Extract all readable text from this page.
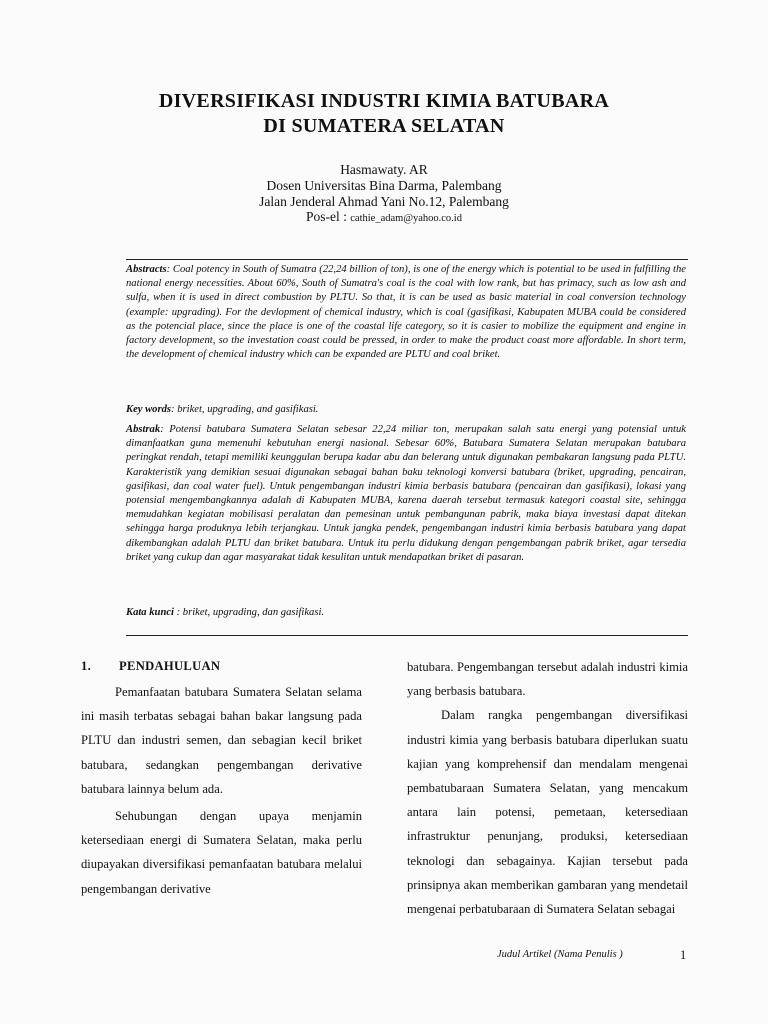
DIVERSIFIKASI INDUSTRI KIMIA BATUBARA
DI SUMATERA SELATAN
Hasmawaty. AR
Dosen Universitas Bina Darma, Palembang
Jalan Jenderal Ahmad Yani No.12, Palembang
Pos-el : cathie_adam@yahoo.co.id

Abstracts: Coal potency in South of Sumatra (22,24 billion of ton), is one of the energy which is potential to be used in fulfilling the national energy necessities. About 60%, South of Sumatra's coal is the coal with low rank, but has primacy, such as low ash and sulfa, when it is used in direct combustion by PLTU. So that, it is can be used as basic material in coal conversion technology (example: upgrading). For the devlopment of chemical industry, which is coal (gasifikasi, Kabupaten MUBA could be considered as the potencial place, since the place is one of the coastal life category, so it is casier to mobilize the equipment and engine in factory development, so the investation coast could be pressed, in order to make the product coast more affordable. In short term, the development of chemical industry which can be expanded are PLTU and coal briket.

Key words: briket, upgrading, and gasifikasi.

Abstrak: Potensi batubara Sumatera Selatan sebesar 22,24 miliar ton, merupakan salah satu energi yang potensial untuk dimanfaatkan guna memenuhi kebutuhan energi nasional. Sebesar 60%, Batubara Sumatera Selatan merupakan batubara peringkat rendah, tetapi memiliki keunggulan berupa kadar abu dan belerang untuk digunakan pembakaran langsung pada PLTU. Karakteristik yang demikian sesuai digunakan sebagai bahan baku teknologi konversi batubara (briket, upgrading, pencairan, gasifikasi, dan coal water fuel). Untuk pengembangan industri kimia berbasis batubara (pencairan dan gasifikasi), lokasi yang potensial mengembangkannya adalah di Kabupaten MUBA, karena daerah tersebut termasuk kategori coastal site, sehingga memudahkan kegiatan mobilisasi peralatan dan pemesinan untuk pembangunan pabrik, maka biaya investasi dapat ditekan sehingga harga produknya lebih terjangkau. Untuk jangka pendek, pengembangan industri kimia berbasis batubara yang dapat dikembangkan adalah PLTU dan briket batubara. Untuk itu perlu didukung dengan pengembangan pabrik briket, agar tersedia briket yang cukup dan agar masyarakat tidak kesulitan untuk mendapatkan briket di pasaran.

Kata kunci : briket, upgrading, dan gasifikasi.
1. PENDAHULUAN

Pemanfaatan batubara Sumatera Selatan selama ini masih terbatas sebagai bahan bakar langsung pada PLTU dan industri semen, dan sebagian kecil briket batubara, sedangkan pengembangan derivative batubara lainnya belum ada.

Sehubungan dengan upaya menjamin ketersediaan energi di Sumatera Selatan, maka perlu diupayakan diversifikasi pemanfaatan batubara melalui pengembangan derivative

batubara. Pengembangan tersebut adalah industri kimia yang berbasis batubara.

Dalam rangka pengembangan diversifikasi industri kimia yang berbasis batubara diperlukan suatu kajian yang komprehensif dan mendalam mengenai pembatubaraan Sumatera Selatan, yang mencakum antara lain potensi, pemetaan, ketersediaan infrastruktur penunjang, produksi, ketersediaan teknologi dan sebagainya. Kajian tersebut pada prinsipnya akan memberikan gambaran yang mendetail mengenai perbatubaraan di Sumatera Selatan sebagai

Judul Artikel (Nama Penulis )	1
